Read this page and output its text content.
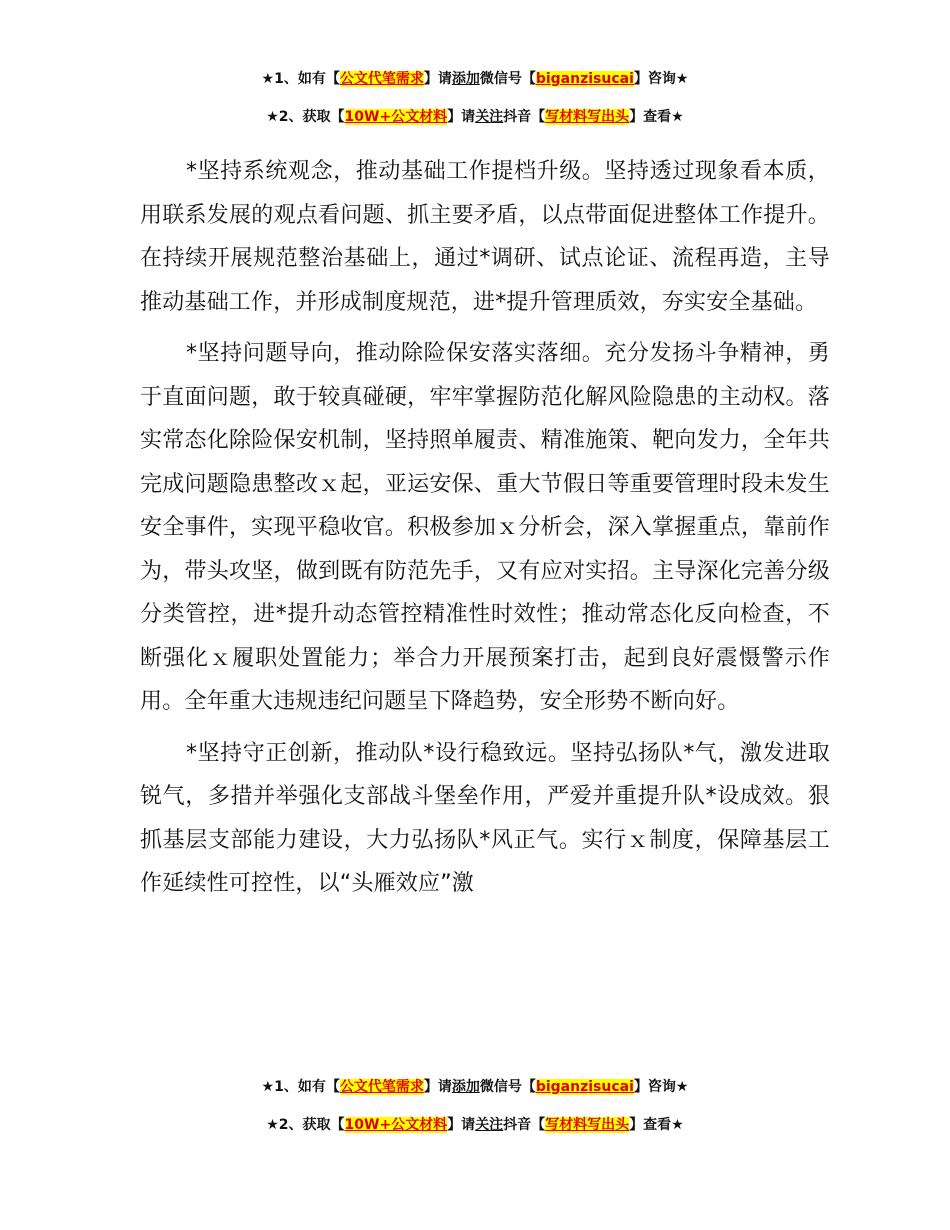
★1、如有【公文代笔需求】请添加微信号【biganzisucai】咨询★
★2、获取【10W+公文材料】请关注抖音【写材料写出头】查看★

*坚持系统观念，推动基础工作提档升级。坚持透过现象看本质，用联系发展的观点看问题、抓主要矛盾，以点带面促进整体工作提升。在持续开展规范整治基础上，通过*调研、试点论证、流程再造，主导推动基础工作，并形成制度规范，进*提升管理质效，夯实安全基础。

*坚持问题导向，推动除险保安落实落细。充分发扬斗争精神，勇于直面问题，敢于较真碰硬，牢牢掌握防范化解风险隐患的主动权。落实常态化除险保安机制，坚持照单履责、精准施策、靶向发力，全年共完成问题隐患整改ｘ起，亚运安保、重大节假日等重要管理时段未发生安全事件，实现平稳收官。积极参加ｘ分析会，深入掌握重点，靠前作为，带头攻坚，做到既有防范先手，又有应对实招。主导深化完善分级分类管控，进*提升动态管控精准性时效性；推动常态化反向检查，不断强化ｘ履职处置能力；举合力开展预案打击，起到良好震慑警示作用。全年重大违规违纪问题呈下降趋势，安全形势不断向好。

*坚持守正创新，推动队*设行稳致远。坚持弘扬队*气，激发进取锐气，多措并举强化支部战斗堡垒作用，严爱并重提升队*设成效。狠抓基层支部能力建设，大力弘扬队*风正气。实行ｘ制度，保障基层工作延续性可控性，以“头雁效应”激

★1、如有【公文代笔需求】请添加微信号【biganzisucai】咨询★
★2、获取【10W+公文材料】请关注抖音【写材料写出头】查看★
